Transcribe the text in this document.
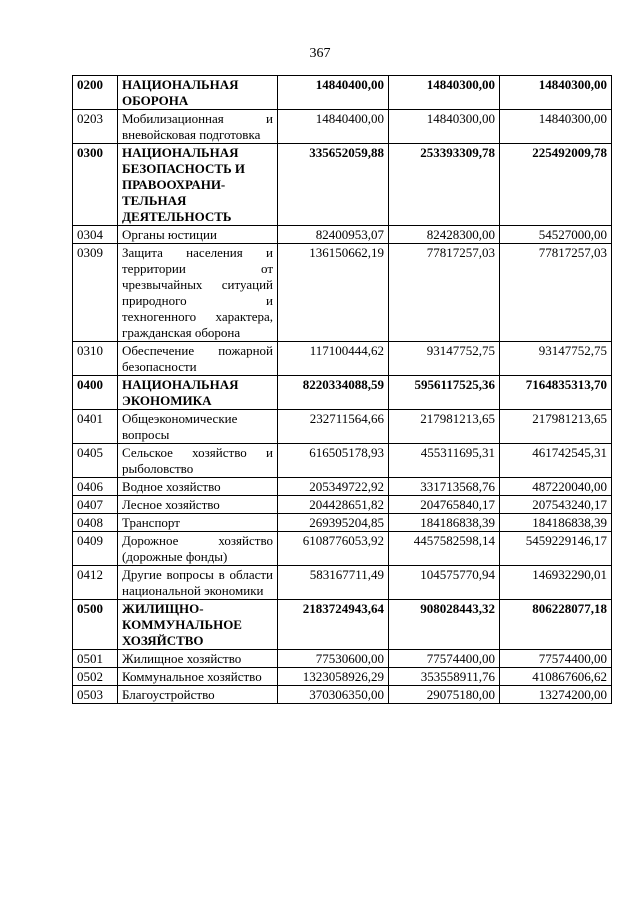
367
0200	НАЦИОНАЛЬНАЯ ОБОРОНА	14840400,00	14840300,00	14840300,00
0203	Мобилизационная и вневойсковая подготовка	14840400,00	14840300,00	14840300,00
0300	НАЦИОНАЛЬНАЯ БЕЗОПАСНОСТЬ И ПРАВООХРАНИ-ТЕЛЬНАЯ ДЕЯТЕЛЬНОСТЬ	335652059,88	253393309,78	225492009,78
0304	Органы юстиции	82400953,07	82428300,00	54527000,00
0309	Защита населения и территории от чрезвычайных ситуаций природного и техногенного характера, гражданская оборона	136150662,19	77817257,03	77817257,03
0310	Обеспечение пожарной безопасности	117100444,62	93147752,75	93147752,75
0400	НАЦИОНАЛЬНАЯ ЭКОНОМИКА	8220334088,59	5956117525,36	7164835313,70
0401	Общеэкономические вопросы	232711564,66	217981213,65	217981213,65
0405	Сельское хозяйство и рыболовство	616505178,93	455311695,31	461742545,31
0406	Водное хозяйство	205349722,92	331713568,76	487220040,00
0407	Лесное хозяйство	204428651,82	204765840,17	207543240,17
0408	Транспорт	269395204,85	184186838,39	184186838,39
0409	Дорожное хозяйство (дорожные фонды)	6108776053,92	4457582598,14	5459229146,17
0412	Другие вопросы в области национальной экономики	583167711,49	104575770,94	146932290,01
0500	ЖИЛИЩНО-КОММУНАЛЬНОЕ ХОЗЯЙСТВО	2183724943,64	908028443,32	806228077,18
0501	Жилищное хозяйство	77530600,00	77574400,00	77574400,00
0502	Коммунальное хозяйство	1323058926,29	353558911,76	410867606,62
0503	Благоустройство	370306350,00	29075180,00	13274200,00
